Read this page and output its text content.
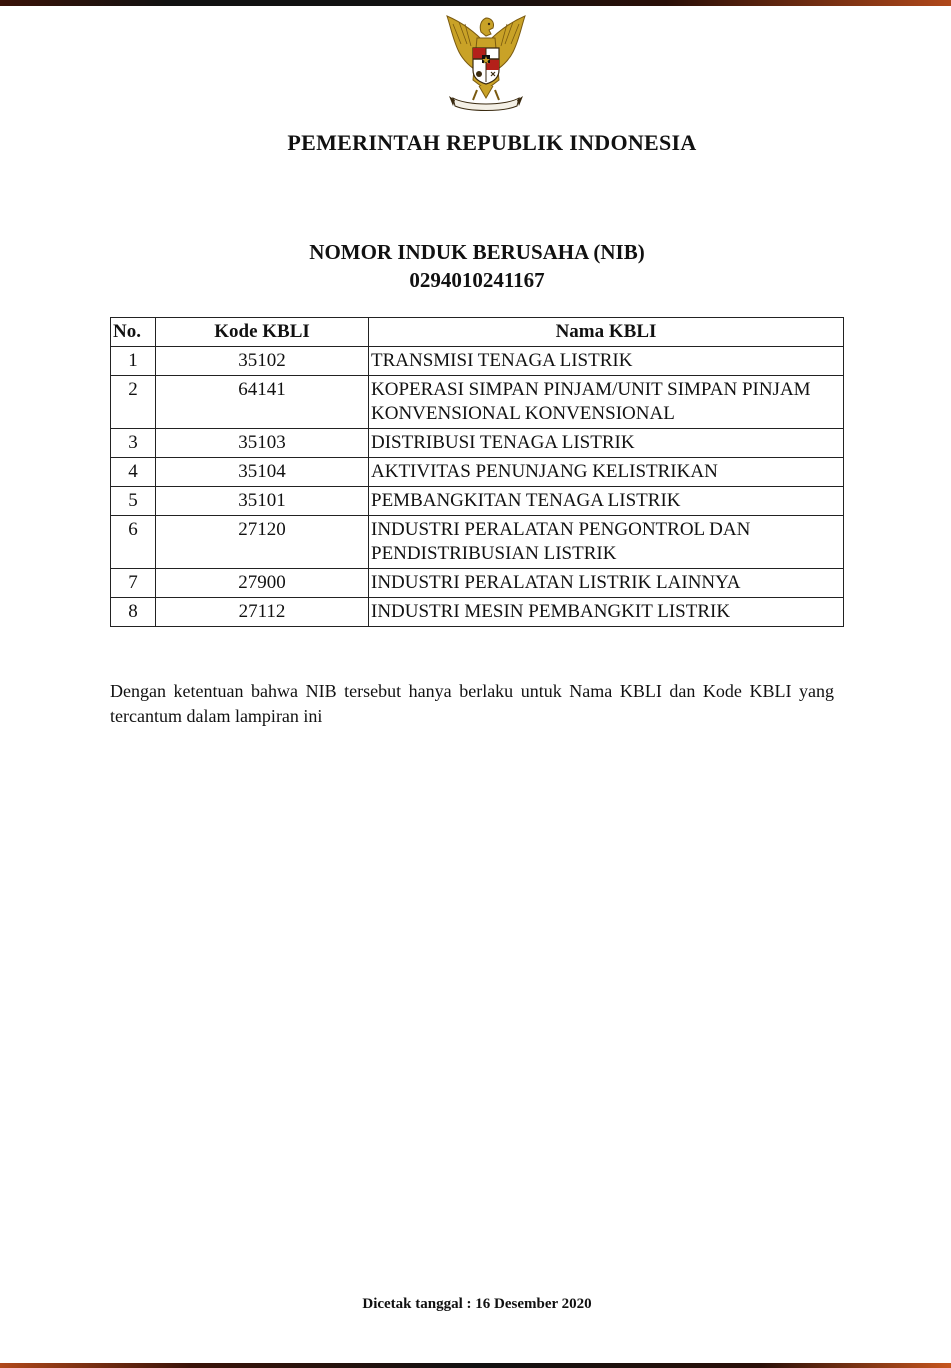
PEMERINTAH REPUBLIK INDONESIA
NOMOR INDUK BERUSAHA (NIB)
0294010241167
No.	Kode KBLI	Nama KBLI
1	35102	TRANSMISI TENAGA LISTRIK
2	64141	KOPERASI SIMPAN PINJAM/UNIT SIMPAN PINJAM KONVENSIONAL KONVENSIONAL
3	35103	DISTRIBUSI TENAGA LISTRIK
4	35104	AKTIVITAS PENUNJANG KELISTRIKAN
5	35101	PEMBANGKITAN TENAGA LISTRIK
6	27120	INDUSTRI PERALATAN PENGONTROL DAN PENDISTRIBUSIAN LISTRIK
7	27900	INDUSTRI PERALATAN LISTRIK LAINNYA
8	27112	INDUSTRI MESIN PEMBANGKIT LISTRIK
Dengan ketentuan bahwa NIB tersebut hanya berlaku untuk Nama KBLI dan Kode KBLI yang tercantum dalam lampiran ini
Dicetak tanggal : 16 Desember 2020
